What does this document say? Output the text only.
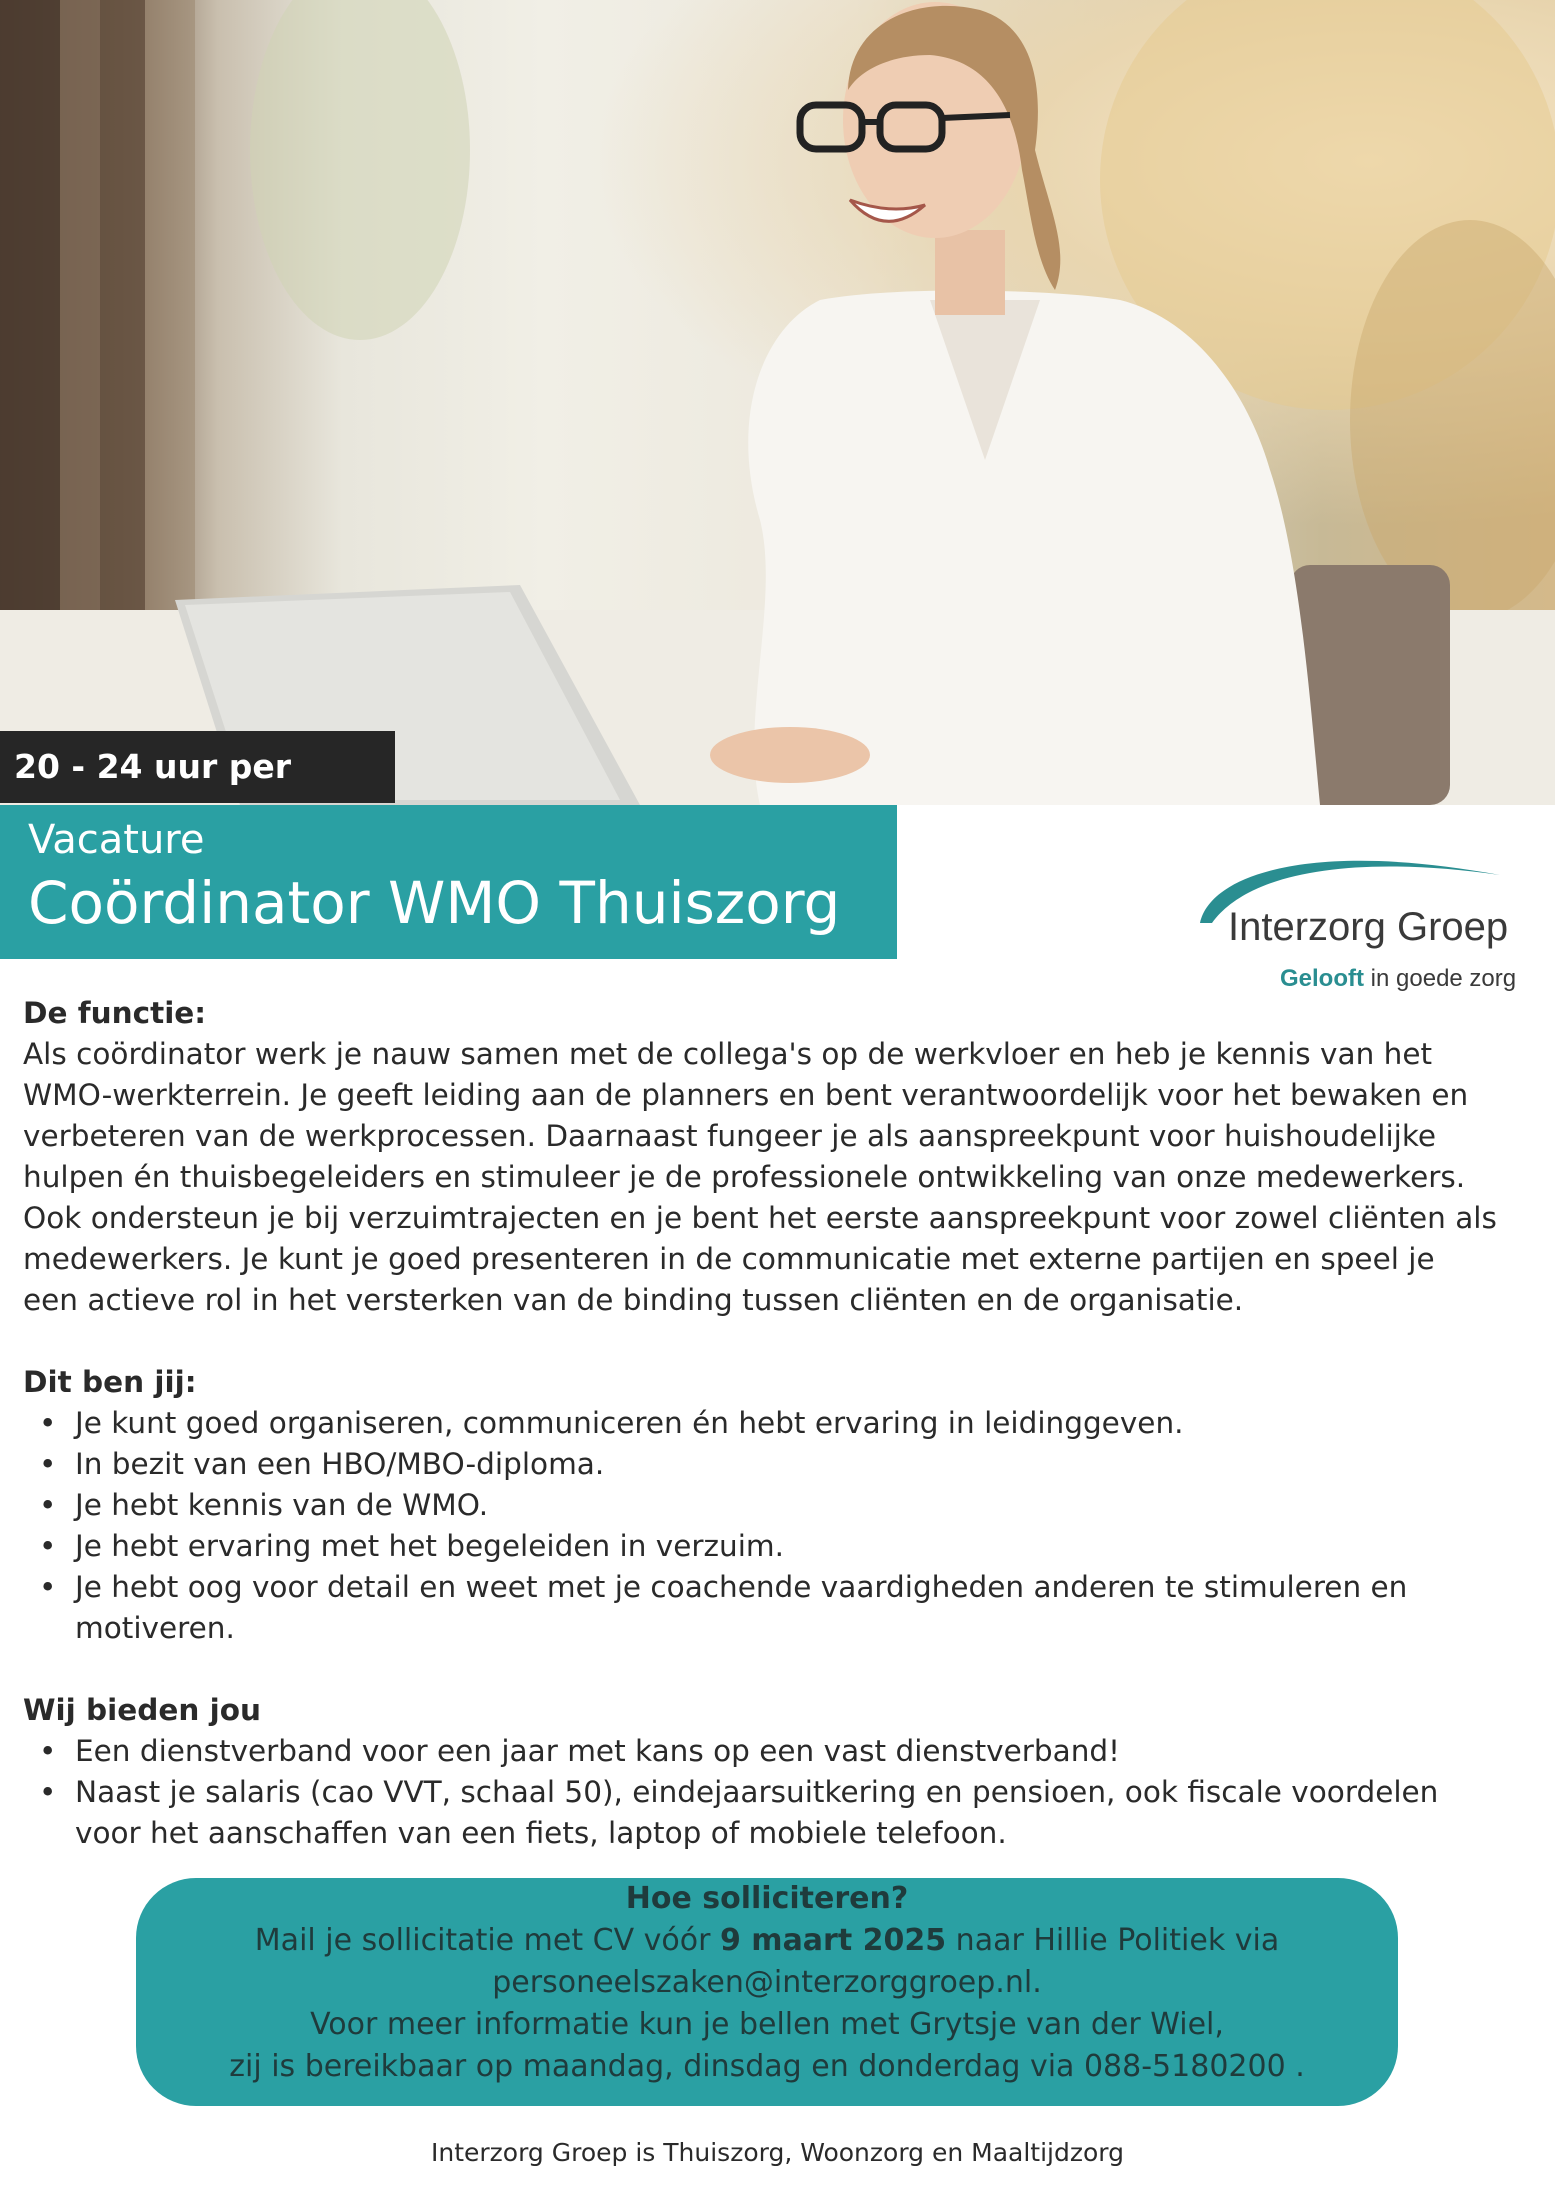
20 - 24 uur per
Vacature
Coördinator WMO Thuiszorg	Interzorg Groep
Gelooft in goede zorg

De functie:

Als coördinator werk je nauw samen met de collega's op de werkvloer en heb je kennis van het

WMO-werkterrein. Je geeft leiding aan de planners en bent verantwoordelijk voor het bewaken en

verbeteren van de werkprocessen. Daarnaast fungeer je als aanspreekpunt voor huishoudelijke

hulpen én thuisbegeleiders en stimuleer je de professionele ontwikkeling van onze medewerkers.

Ook ondersteun je bij verzuimtrajecten en je bent het eerste aanspreekpunt voor zowel cliënten als

medewerkers. Je kunt je goed presenteren in de communicatie met externe partijen en speel je

een actieve rol in het versterken van de binding tussen cliënten en de organisatie.

Dit ben jij:

• Je kunt goed organiseren, communiceren én hebt ervaring in leidinggeven.
• In bezit van een HBO/MBO-diploma.
• Je hebt kennis van de WMO.
• Je hebt ervaring met het begeleiden in verzuim.
• Je hebt oog voor detail en weet met je coachende vaardigheden anderen te stimuleren en motiveren.

Wij bieden jou

• Een dienstverband voor een jaar met kans op een vast dienstverband!
• Naast je salaris (cao VVT, schaal 50), eindejaarsuitkering en pensioen, ook fiscale voordelen voor het aanschaffen van een fiets, laptop of mobiele telefoon.
Hoe solliciteren?
Mail je sollicitatie met CV vóór 9 maart 2025 naar Hillie Politiek via
personeelszaken@interzorggroep.nl.
Voor meer informatie kun je bellen met Grytsje van der Wiel,
zij is bereikbaar op maandag, dinsdag en donderdag via 088-5180200 .
Interzorg Groep is Thuiszorg, Woonzorg en Maaltijdzorg
